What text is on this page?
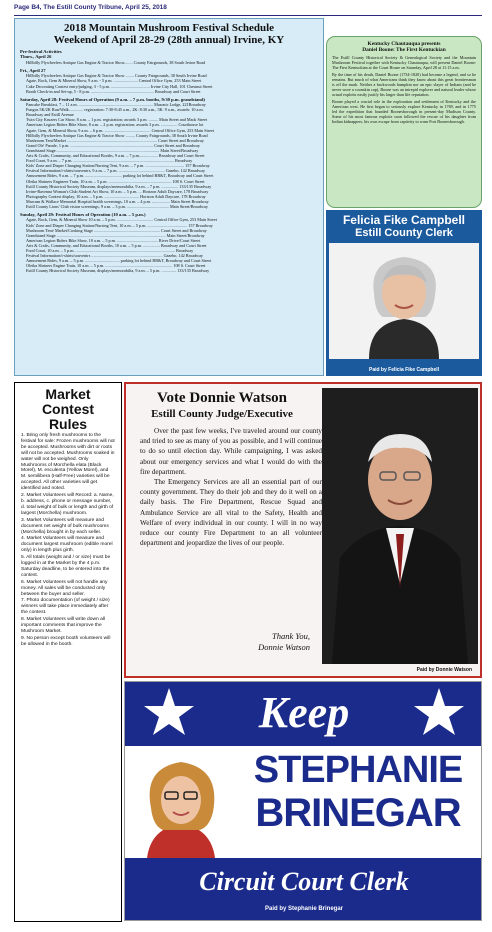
Page B4, The Estill County Tribune, April 25, 2018
2018 Mountain Mushroom Festival Schedule
Weekend of April 28-29 (28th annual) Irvine, KY
Pre-festival Activities
Thurs., April 26
Hillbilly Flywheelers Antique Gas Engine & Tractor Show........ County Fairgrounds, 38 South Irvine Road
Fri., April 27
Hillbilly Flywheelers Antique Gas Engine & Tractor Show ........ County Fairgrounds, 38 South Irvine Road
Agate, Rock, Gem & Mineral Show, 9 a.m. - 5 p.m. ....................... Central Office Gym, 253 Main Street
Cake Decorating Contest entry/judging, 3 - 5 p.m. ..................................... Irvine City Hall, 101 Chestnut Street
Booth Check-in and Set-up, 5 - 8 p.m. ............................................................ Broadway and Court Street
Saturday, April 28: Festival Hours of Operation (9 a.m. – 7 p.m. booths, 9:30 p.m. grandstand)
Pancake Breakfast, 7 – 11 a.m. ....................................................................... Masonic Lodge, 221Broadway
Fungus 5K/2K Run/Walk.............. registration: 7:30-8:45 a.m., 2K: 8:30 a.m., 5K: 9 a.m., awards: 10 a.m.
Broadway and Estill Avenue
Twin City Kruzers Car Show, 8 a.m. – 1 p.m. registration; awards 3 p.m. ......... Main Street and Mack Street
American Legion Riders Bike Show, 8 a.m. – 2 p.m. registration; awards 3 p.m. ................ Courthouse lot
Agate, Gem, & Mineral Show, 9 a.m. – 6 p.m. ............................................ Central Office Gym, 253 Main Street
Hillbilly Flywheelers Antique Gas Engine & Tractor Show ......... County Fairgrounds, 38 South Irvine Road
Mushroom Tent/Market ...................................................................................... Court Street and Broadway
Grand Ole' Parade, 1 p.m. ............................................................................... Court Street and Broadway
Grandstand Stage................................................................................................... Main Street/Broadway
Arts & Crafts, Community, and Educational Booths, 9 a.m. – 7 p.m.................. Broadway and Court Street
Food Court, 9 a.m. – 7 p.m. ................................................................................................ Broadway
Kids' Zone and Diaper Changing Station/Nursing Tent, 9 a.m. – 7 p.m. ..................................... 157 Broadway
Festival Information/t-shirts/souvenirs, 9 a.m. – 7 p.m. ............................................ Gazebo, 142 Broadway
Amusement Rides, 9 a.m. – 7 p.m. ................................... parking lot behind BB&T, Broadway and Court Street
Oleika Shriners Engineer Train, 10 a.m. – 5 p.m. ............................................................ 108 S. Court Street
Estill County Historical Society Museum, displays/memorabilia, 9 a.m. – 7 p.m. ................ 133/135 Broadway
Irvine-Ravenna Woman's Club Student Art Show, 10 a.m. – 5 p.m. ... Horizon Adult Daycare, 178 Broadway
Photography Contest display, 10 a.m. – 5 p.m. ................................. Horizon Adult Daycare, 178 Broadway
Marcum & Wallace Memorial Hospital health screenings, 10 a.m. – 4 p.m. ................. Main Street Broadway
Estill County Lions' Club vision screenings, 9 a.m. – 3 p.m. ........................................ Main Street/Broadway
Sunday, April 29: Festival Hours of Operation (10 a.m. – 5 p.m.)
Agate, Rock, Gem, & Mineral Show 10 a.m. – 5 p.m. ................................... Central Office Gym, 253 Main Street
Kids' Zone and Diaper Changing Station/Nursing Tent, 10 a.m. – 5 p.m. ...................................... 157 Broadway
Mushroom Tent/ Market/Cooking Stage ............................................................... Court Street and Broadway
Grandstand Stage ........................................................................................................ Main Street/Broadway
American Legion Riders Bike Show, 10 a.m. – 5 p.m. ....................................... River Drive/Court Street
Arts & Crafts, Community, and Educational Booths, 10 a.m. – 5 p.m. ................ Broadway and Court Street
Food Court, 10 a.m. – 5 p.m. ............................................................................................... Broadway
Festival Information/t-shirts/souvenirs .................................................................... Gazebo, 142 Broadway
Amusement Rides, 9 a.m. – 5 p.m. ................................. parking lot behind BB&T, Broadway and Court Street
Oleika Shriners Engine Train, 10 a.m. – 5 p.m. ................................................................ 108 S. Court Street
Estill County Historical Society Museum, displays/memorabilia, 9 a.m. – 5 p.m. .............. 133/135 Broadway
Kentucky Chautauqua presents
Daniel Boone: The First Kentuckian

The Estill County Historical Society & Genealogical Society and the Mountain Mushroom Festival together with Kentucky Chautauqua, will present Daniel Boone: The First Kentuckian at the Court House on Saturday, April 28 at 11:15 a.m.

By the time of his death, Daniel Boone (1734-1820) had become a legend, and so he remains. But much of what Americans think they know about this great frontiersman is off the mark. Neither a backwoods bumpkin nor an epic slayer of Indians (and he never wore a coonskin cap), Boone was an intrepid explorer and natural leader whose actual exploits easily justify his larger than life reputation.

Boone played a crucial role in the exploration and settlement of Kentucky and the American west. He first began to seriously explore Kentucky in 1769, and in 1775 led the expedition that founded Boonesborough in present-day Madison County. Some of his most famous exploits soon followed the rescue of his daughter from Indian kidnappers, his own escape from captivity to warn Fort Boonesborough.

Felicia Fike Campbell
Estill County Clerk
Paid by Felicia Fike Campbell
Market
Contest
Rules
1. Bring only fresh mushrooms to the festival for sale: Frozen mushrooms will not be accepted. Mushrooms with dirt or roots will not be accepted. Mushrooms soaked in water will not be weighed. Only Mushrooms of Morchella elata (Black Morel), M. esculenta (Yellow Morel), and M. semilibera (Half-Free) varieties will be accepted. All other varieties will get identified and noted.
2. Market Volunteers will Record: a. Name, b. address, c. phone or message number, d. total weight of bulk or length and girth of largest (Morchella) mushroom.
3. Market Volunteers will measure and document net weight of bulk mushrooms (Morchella) brought in by each seller.
4. Market Volunteers will measure and document largest mushroom (edible morel only) in length plus girth.
5. All totals (weight and / or size) must be logged in at the Market by the 4 p.m. Saturday deadline, to be entered into the contest.
6. Market Volunteers will not handle any money. All sales will be conducted only between the buyer and seller.
7. Photo documentation (of weight / size) winners will take place immediately after the contest.
8. Market Volunteers will write down all important comments that improve the Mushroom Market.
9. No person except booth volunteers will be allowed in the booth.
Vote Donnie Watson
Estill County Judge/Executive

Over the past few weeks, I've traveled around our county and tried to see as many of you as possible, and I will continue to do so until election day. While campaigning, I was asked about our emergency services and what I would do with the fire department.

The Emergency Services are all an essential part of our county government. They do their job and they do it well on a daily basis. The Fire Department, Rescue Squad and Ambulance Service are all vital to the Safety, Health and Welfare of every individual in our county. I will in no way reduce our county Fire Department to an all volunteer department and jeopardize the lives of our people.

Thank You,
Donnie Watson
Paid by Donnie Watson
Keep
STEPHANIE
BRINEGAR
Circuit Court Clerk
Paid by Stephanie Brinegar
